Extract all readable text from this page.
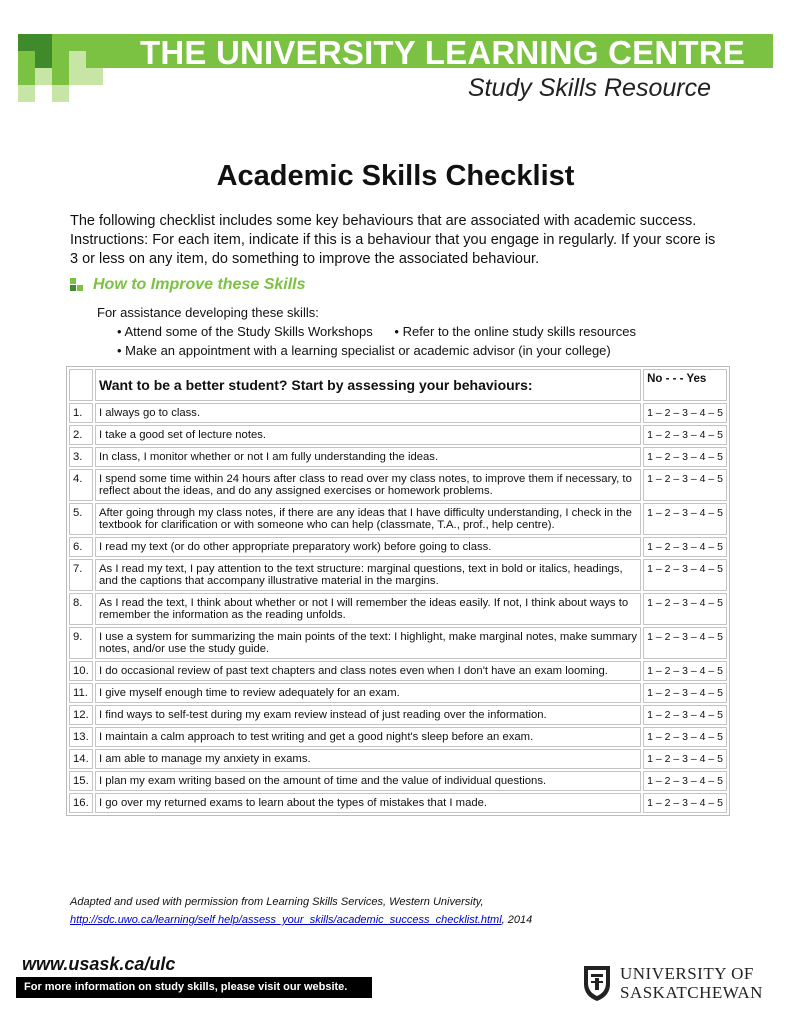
THE UNIVERSITY LEARNING CENTRE
Study Skills Resource
Academic Skills Checklist

The following checklist includes some key behaviours that are associated with academic success.

Instructions: For each item, indicate if this is a behaviour that you engage in regularly. If your score is

3 or less on any item, do something to improve the associated behaviour.

How to Improve these Skills
For assistance developing these skills:
• Attend some of the Study Skills Workshops • Refer to the online study skills resources
• Make an appointment with a learning specialist or academic advisor (in your college)
	Want to be a better student? Start by assessing your behaviours:	No - - - Yes
1.	I always go to class.	1 – 2 – 3 – 4 – 5
2.	I take a good set of lecture notes.	1 – 2 – 3 – 4 – 5
3.	In class, I monitor whether or not I am fully understanding the ideas.	1 – 2 – 3 – 4 – 5
4.	I spend some time within 24 hours after class to read over my class notes, to improve them if necessary, to reflect about the ideas, and do any assigned exercises or homework problems.	1 – 2 – 3 – 4 – 5
5.	After going through my class notes, if there are any ideas that I have difficulty understanding, I check in the textbook for clarification or with someone who can help (classmate, T.A., prof., help centre).	1 – 2 – 3 – 4 – 5
6.	I read my text (or do other appropriate preparatory work) before going to class.	1 – 2 – 3 – 4 – 5
7.	As I read my text, I pay attention to the text structure: marginal questions, text in bold or italics, headings, and the captions that accompany illustrative material in the margins.	1 – 2 – 3 – 4 – 5
8.	As I read the text, I think about whether or not I will remember the ideas easily. If not, I think about ways to remember the information as the reading unfolds.	1 – 2 – 3 – 4 – 5
9.	I use a system for summarizing the main points of the text: I highlight, make marginal notes, make summary notes, and/or use the study guide.	1 – 2 – 3 – 4 – 5
10.	I do occasional review of past text chapters and class notes even when I don't have an exam looming.	1 – 2 – 3 – 4 – 5
11.	I give myself enough time to review adequately for an exam.	1 – 2 – 3 – 4 – 5
12.	I find ways to self-test during my exam review instead of just reading over the information.	1 – 2 – 3 – 4 – 5
13.	I maintain a calm approach to test writing and get a good night's sleep before an exam.	1 – 2 – 3 – 4 – 5
14.	I am able to manage my anxiety in exams.	1 – 2 – 3 – 4 – 5
15.	I plan my exam writing based on the amount of time and the value of individual questions.	1 – 2 – 3 – 4 – 5
16.	I go over my returned exams to learn about the types of mistakes that I made.	1 – 2 – 3 – 4 – 5
Adapted and used with permission from Learning Skills Services, Western University,
http://sdc.uwo.ca/learning/self help/assess_your_skills/academic_success_checklist.html, 2014
www.usask.ca/ulc
For more information on study skills, please visit our website.
UNIVERSITY OF
SASKATCHEWAN
